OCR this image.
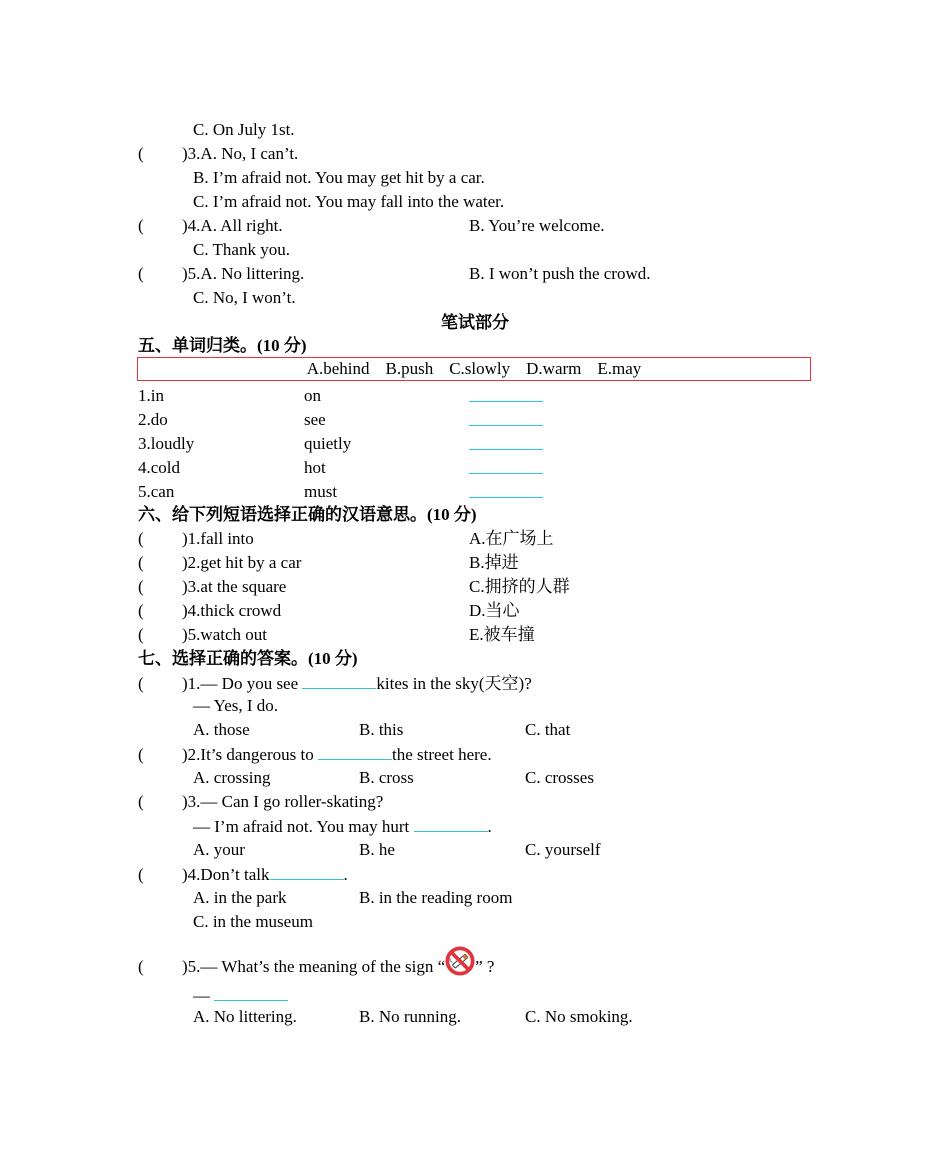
C. On July 1st.
( )3.A. No, I can’t.
B. I’m afraid not. You may get hit by a car.
C. I’m afraid not. You may fall into the water.
( )4.A. All right.	B. You’re welcome.
C. Thank you.
( )5.A. No littering.	B. I won’t push the crowd.
C. No, I won’t.
笔试部分
五、单词归类。(10 分)
A.behind B.push C.slowly D.warm E.may
1.in	on
2.do	see
3.loudly	quietly
4.cold	hot
5.can	must
六、给下列短语选择正确的汉语意思。(10 分)
( )1.fall into	A.在广场上
( )2.get hit by a car	B.掉进
( )3.at the square	C.拥挤的人群
( )4.thick crowd	D.当心
( )5.watch out	E.被车撞
七、选择正确的答案。(10 分)
( )1.— Do you see	kites in the sky(天空)?
— Yes, I do.
A. those	B. this	C. that
( )2.It’s dangerous to	the street here.
A. crossing	B. cross	C. crosses
( )3.— Can I go roller-skating?
— I’m afraid not. You may hurt	.
A. your	B. he	C. yourself
( )4.Don’t talk	.
A. in the park	B. in the reading room
C. in the museum
( )5.— What’s the meaning of the sign “ ” ?
—
A. No littering.	B. No running.	C. No smoking.
